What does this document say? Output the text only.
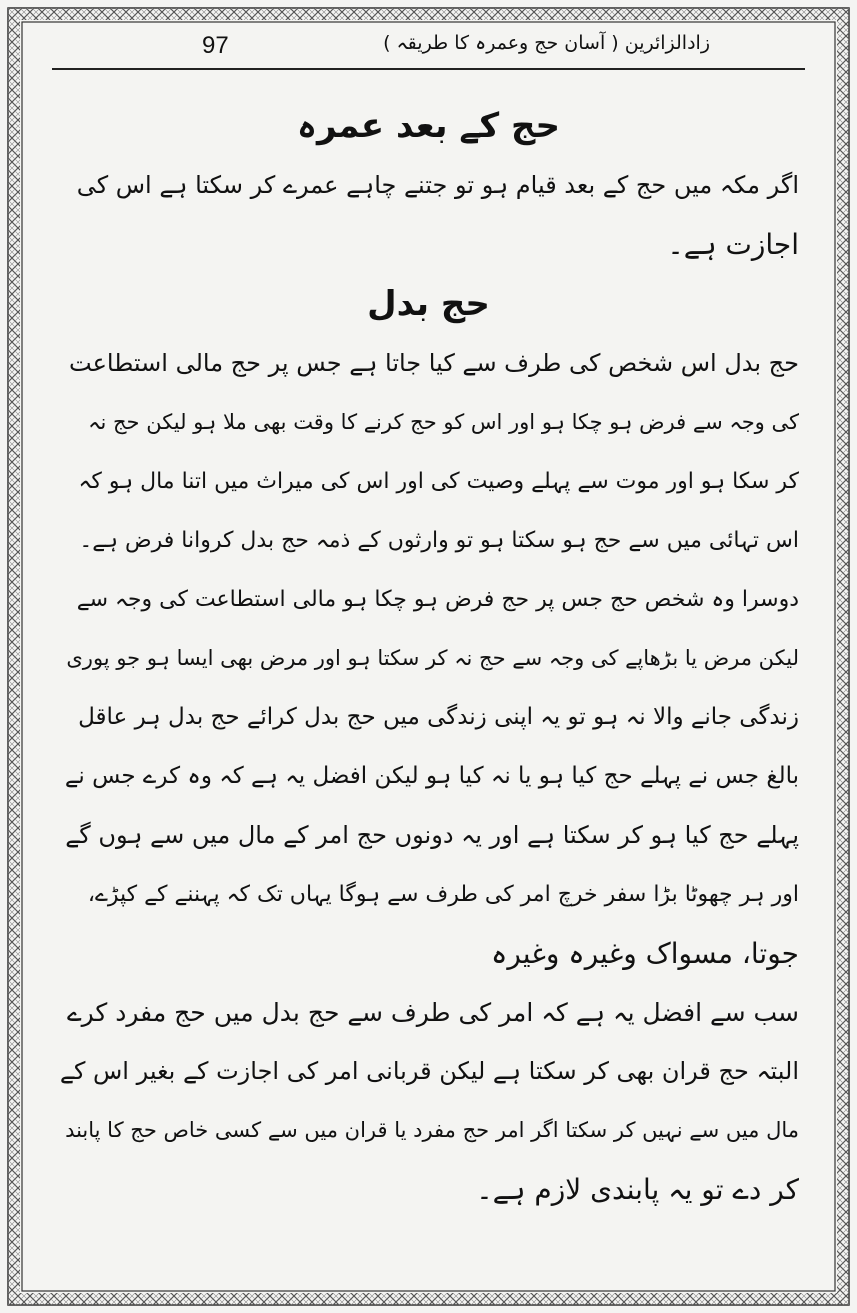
97	زادالزائرین ( آسان حج وعمرہ کا طریقہ )
حج کے بعد عمرہ

اگر مکہ میں حج کے بعد قیام ہو تو جتنے چاہے عمرے کر سکتا ہے اس کی
اجازت ہے۔

حج بدل

حج بدل اس شخص کی طرف سے کیا جاتا ہے جس پر حج مالی استطاعت
کی وجہ سے فرض ہو چکا ہو اور اس کو حج کرنے کا وقت بھی ملا ہو لیکن حج نہ
کر سکا ہو اور موت سے پہلے وصیت کی اور اس کی میراث میں اتنا مال ہو کہ
اس تہائی میں سے حج ہو سکتا ہو تو وارثوں کے ذمہ حج بدل کروانا فرض ہے۔

دوسرا وہ شخص حج جس پر حج فرض ہو چکا ہو مالی استطاعت کی وجہ سے
لیکن مرض یا بڑھاپے کی وجہ سے حج نہ کر سکتا ہو اور مرض بھی ایسا ہو جو پوری
زندگی جانے والا نہ ہو تو یہ اپنی زندگی میں حج بدل کرائے حج بدل ہر عاقل
بالغ جس نے پہلے حج کیا ہو یا نہ کیا ہو لیکن افضل یہ ہے کہ وہ کرے جس نے
پہلے حج کیا ہو کر سکتا ہے اور یہ دونوں حج امر کے مال میں سے ہوں گے
اور ہر چھوٹا بڑا سفر خرچ امر کی طرف سے ہوگا یہاں تک کہ پہننے کے کپڑے،
جوتا، مسواک وغیرہ وغیرہ

سب سے افضل یہ ہے کہ امر کی طرف سے حج بدل میں حج مفرد کرے
البتہ حج قران بھی کر سکتا ہے لیکن قربانی امر کی اجازت کے بغیر اس کے
مال میں سے نہیں کر سکتا اگر امر حج مفرد یا قران میں سے کسی خاص حج کا پابند
کر دے تو یہ پابندی لازم ہے۔
